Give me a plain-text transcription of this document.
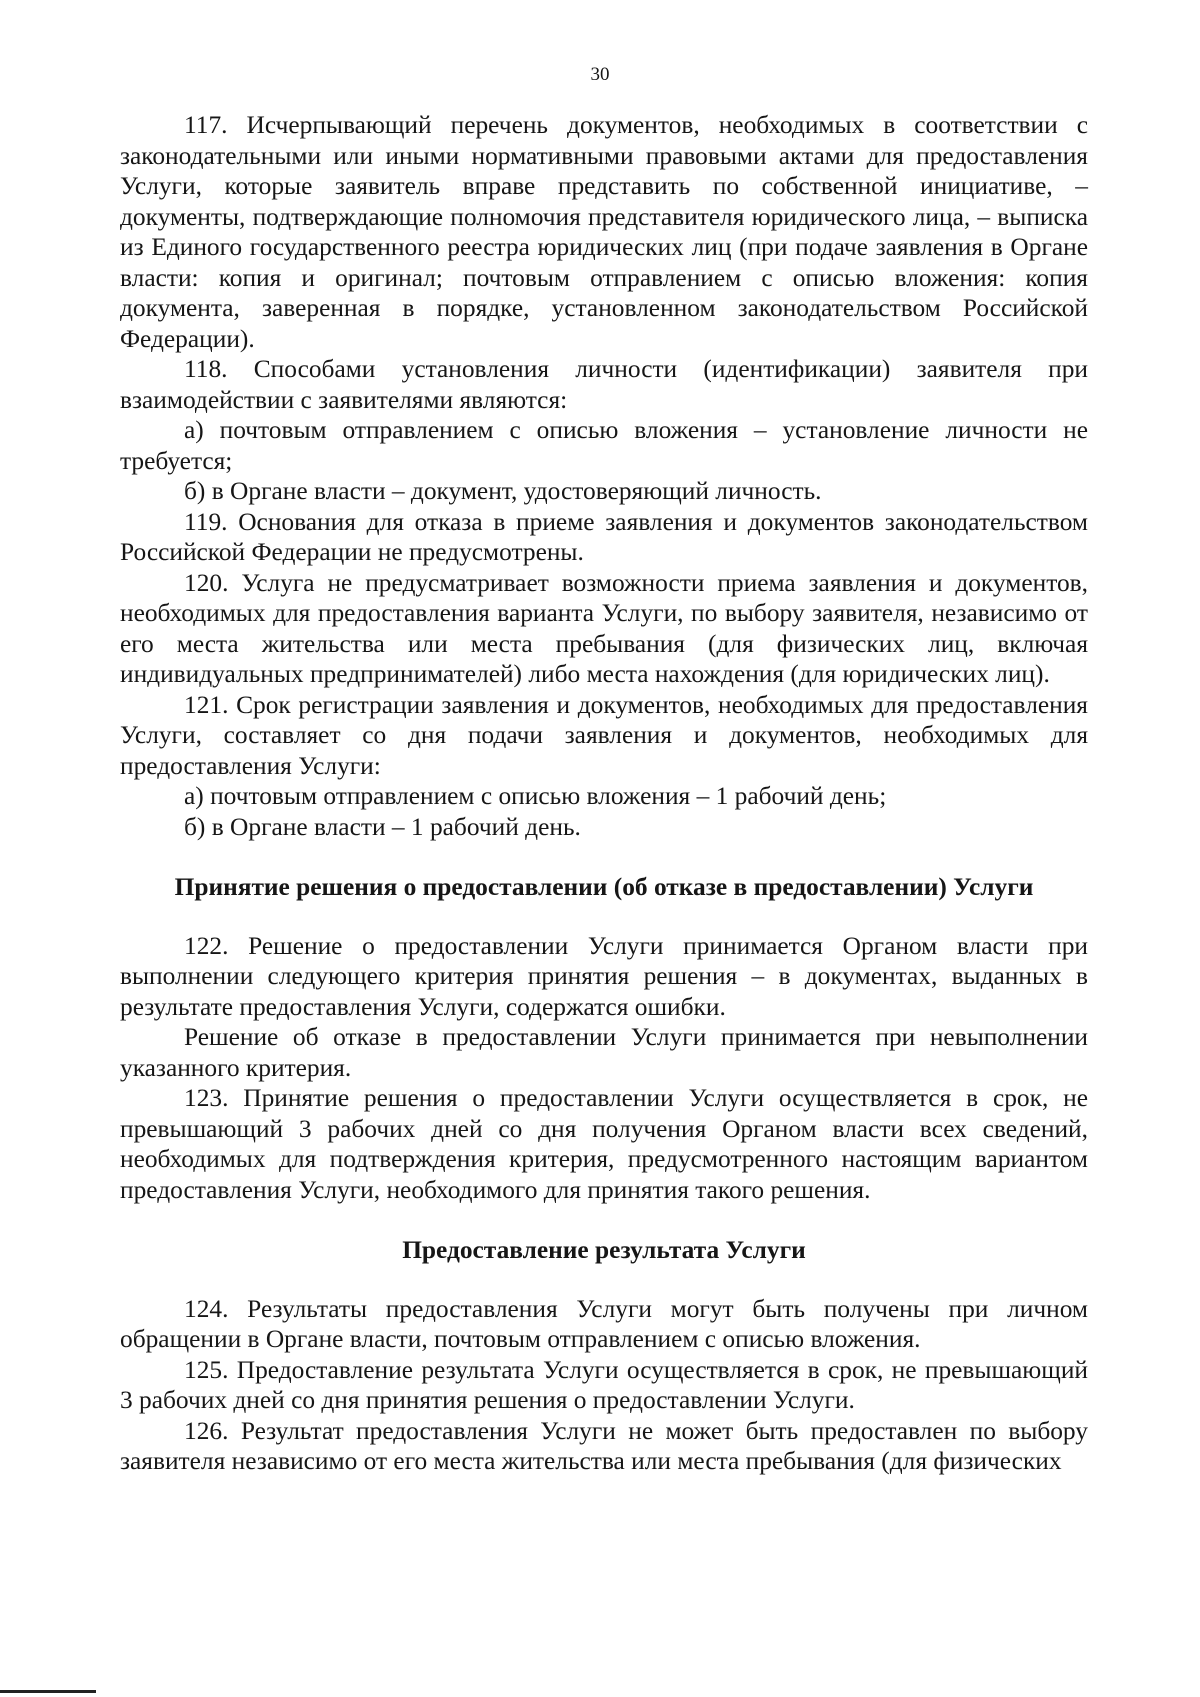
30

117. Исчерпывающий перечень документов, необходимых в соответствии с законодательными или иными нормативными правовыми актами для предоставления Услуги, которые заявитель вправе представить по собственной инициативе, – документы, подтверждающие полномочия представителя юридического лица, – выписка из Единого государственного реестра юридических лиц (при подаче заявления в Органе власти: копия и оригинал; почтовым отправлением с описью вложения: копия документа, заверенная в порядке, установленном законодательством Российской Федерации).

118. Способами установления личности (идентификации) заявителя при взаимодействии с заявителями являются:

а) почтовым отправлением с описью вложения – установление личности не требуется;

б) в Органе власти – документ, удостоверяющий личность.

119. Основания для отказа в приеме заявления и документов законодательством Российской Федерации не предусмотрены.

120. Услуга не предусматривает возможности приема заявления и документов, необходимых для предоставления варианта Услуги, по выбору заявителя, независимо от его места жительства или места пребывания (для физических лиц, включая индивидуальных предпринимателей) либо места нахождения (для юридических лиц).

121. Срок регистрации заявления и документов, необходимых для предоставления Услуги, составляет со дня подачи заявления и документов, необходимых для предоставления Услуги:

а) почтовым отправлением с описью вложения – 1 рабочий день;

б) в Органе власти – 1 рабочий день.

Принятие решения о предоставлении (об отказе в предоставлении) Услуги

122. Решение о предоставлении Услуги принимается Органом власти при выполнении следующего критерия принятия решения – в документах, выданных в результате предоставления Услуги, содержатся ошибки.

Решение об отказе в предоставлении Услуги принимается при невыполнении указанного критерия.

123. Принятие решения о предоставлении Услуги осуществляется в срок, не превышающий 3 рабочих дней со дня получения Органом власти всех сведений, необходимых для подтверждения критерия, предусмотренного настоящим вариантом предоставления Услуги, необходимого для принятия такого решения.

Предоставление результата Услуги

124. Результаты предоставления Услуги могут быть получены при личном обращении в Органе власти, почтовым отправлением с описью вложения.

125. Предоставление результата Услуги осуществляется в срок, не превышающий 3 рабочих дней со дня принятия решения о предоставлении Услуги.

126. Результат предоставления Услуги не может быть предоставлен по выбору заявителя независимо от его места жительства или места пребывания (для физических
